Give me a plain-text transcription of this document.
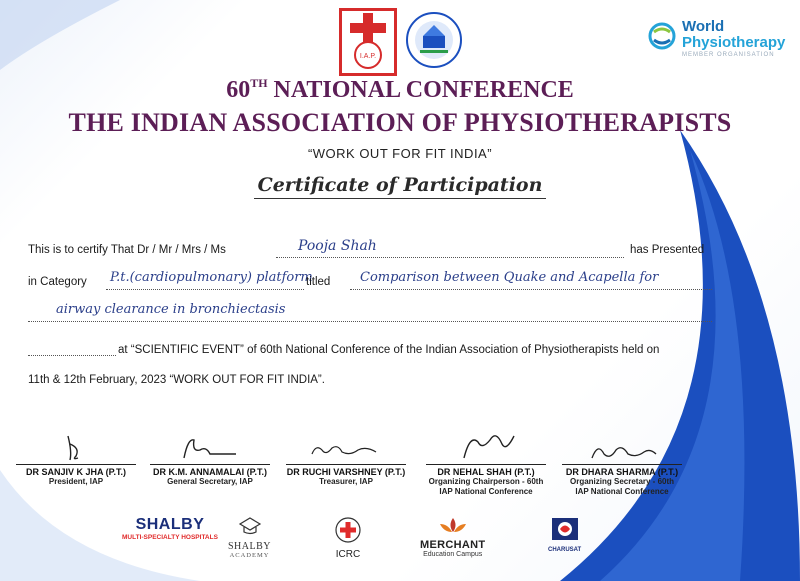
I.A.P.
World
Physiotherapy
MEMBER ORGANISATION
60TH NATIONAL CONFERENCE
THE INDIAN ASSOCIATION OF PHYSIOTHERAPISTS
“WORK OUT FOR FIT INDIA”
Certificate of Participation
This is to certify That Dr / Mr / Mrs / Ms	Pooja Shah	has Presented
in Category P.t.(cardiopulmonary) platform
titled Comparison between Quake and Acapella for
airway clearance in bronchiectasis
at “SCIENTIFIC EVENT” of 60th National Conference of the Indian Association of Physiotherapists held on
11th & 12th February, 2023 “WORK OUT FOR FIT INDIA”.
DR SANJIV K JHA (P.T.)
President, IAP
DR K.M. ANNAMALAI (P.T.)
General Secretary, IAP
DR RUCHI VARSHNEY (P.T.)
Treasurer, IAP
DR NEHAL SHAH (P.T.)
Organizing Chairperson - 60th
IAP National Conference
DR DHARA SHARMA (P.T.)
Organizing Secretary - 60th
IAP National Conference
SHALBY
MULTI-SPECIALTY HOSPITALS
SHALBY
ACADEMY	ICRC
MERCHANT
Education Campus
CHARUSAT
